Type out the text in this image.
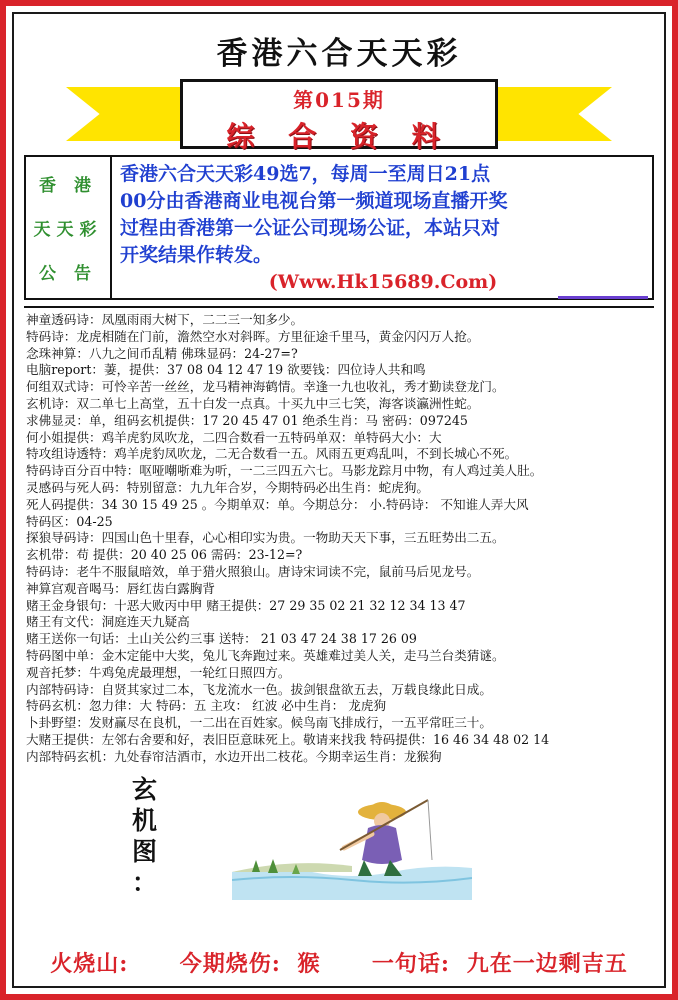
香港六合天天彩
第015期
综 合 资 料
香 港
天天彩
公 告
香港六合天天彩49选7，每周一至周日21点
00分由香港商业电视台第一频道现场直播开奖
过程由香港第一公证公司现场公证，本站只对
开奖结果作转发。
(Www.Hk15689.Com)
神童透码诗：凤凰雨雨大树下，二二三一知多少。
特码诗：龙虎相随在门前，澹然空水对斜晖。方里征途千里马，黄金闪闪万人抢。
念珠神算：八九之间币乱精 佛珠显码：24-27=?
电脑report：萋，提供：37 08 04 12 47 19 欲要钱：四位诗人共和鸣
何组双式诗：可怜辛苦一丝丝，龙马精神海鹤情。幸逢一九也收礼，秀才勤读登龙门。
玄机诗：双二单七上高堂，五十白发一点真。十买九中三七笑，海客谈瀛洲性蛇。
求佛显灵：单，组码玄机提供：17 20 45 47 01 绝杀生肖：马 密码：097245
何小姐提供：鸡羊虎豹凤吹龙，二四合数看一五特码单双：单特码大小：大
特攻组诗透特：鸡羊虎豹凤吹龙，二无合数看一五。风雨五更鸡乱叫，不到长城心不死。
特码诗百分百中特：呕哑嘲哳难为听，一二三四五六七。马影龙踪月中物，有人鸡过美人肚。
灵感码与死人码：特别留意：九九年合岁，今期特码必出生肖：蛇虎狗。
死人码提供：34 30 15 49 25 。今期单双：单。今期总分： 小.特码诗： 不知谁人弄大风
特码区：04-25
探狼导码诗：四国山色十里春，心心相印实为贵。一物助天天下事，三五旺势出二五。
玄机带：苟 提供：20 40 25 06 需码：23-12=?
特码诗：老牛不服鼠暗效，单于猎火照狼山。唐诗宋词读不完，鼠前马后见龙号。
神算宫观音喝马：唇红齿白露胸背
赌王金身银句：十恶大败丙中甲 赌王提供：27 29 35 02 21 32 12 34 13 47
赌王有文代：洞庭连天九疑高
赌王送你一句话：土山关公约三事 送特： 21 03 47 24 38 17 26 09
特码图中单：金木定能中大奖，兔儿飞奔跑过来。英雄难过美人关，走马兰台类猜谜。
观音托梦：牛鸡兔虎最理想，一轮红日照四方。
内部特码诗：自贤其家过二本，飞龙流水一色。拔剑银盘欲五去，万载良缘此日成。
特码玄机：忽力律：大 特码：五 主攻： 红波 必中生肖： 龙虎狗
卜卦野望：发财赢尽在良机，一二出在百姓家。候鸟南飞排成行，一五平常旺三十。
大赌王提供：左邻右舍要和好，表旧臣意昧死上。敬请来找我 特码提供：16 46 34 48 02 14
内部特码玄机：九处春帘洁酒市，水边开出二枝花。今期幸运生肖：龙猴狗
玄
机
图
：
火烧山: 今期烧伤: 猴 一句话: 九在一边剩吉五
